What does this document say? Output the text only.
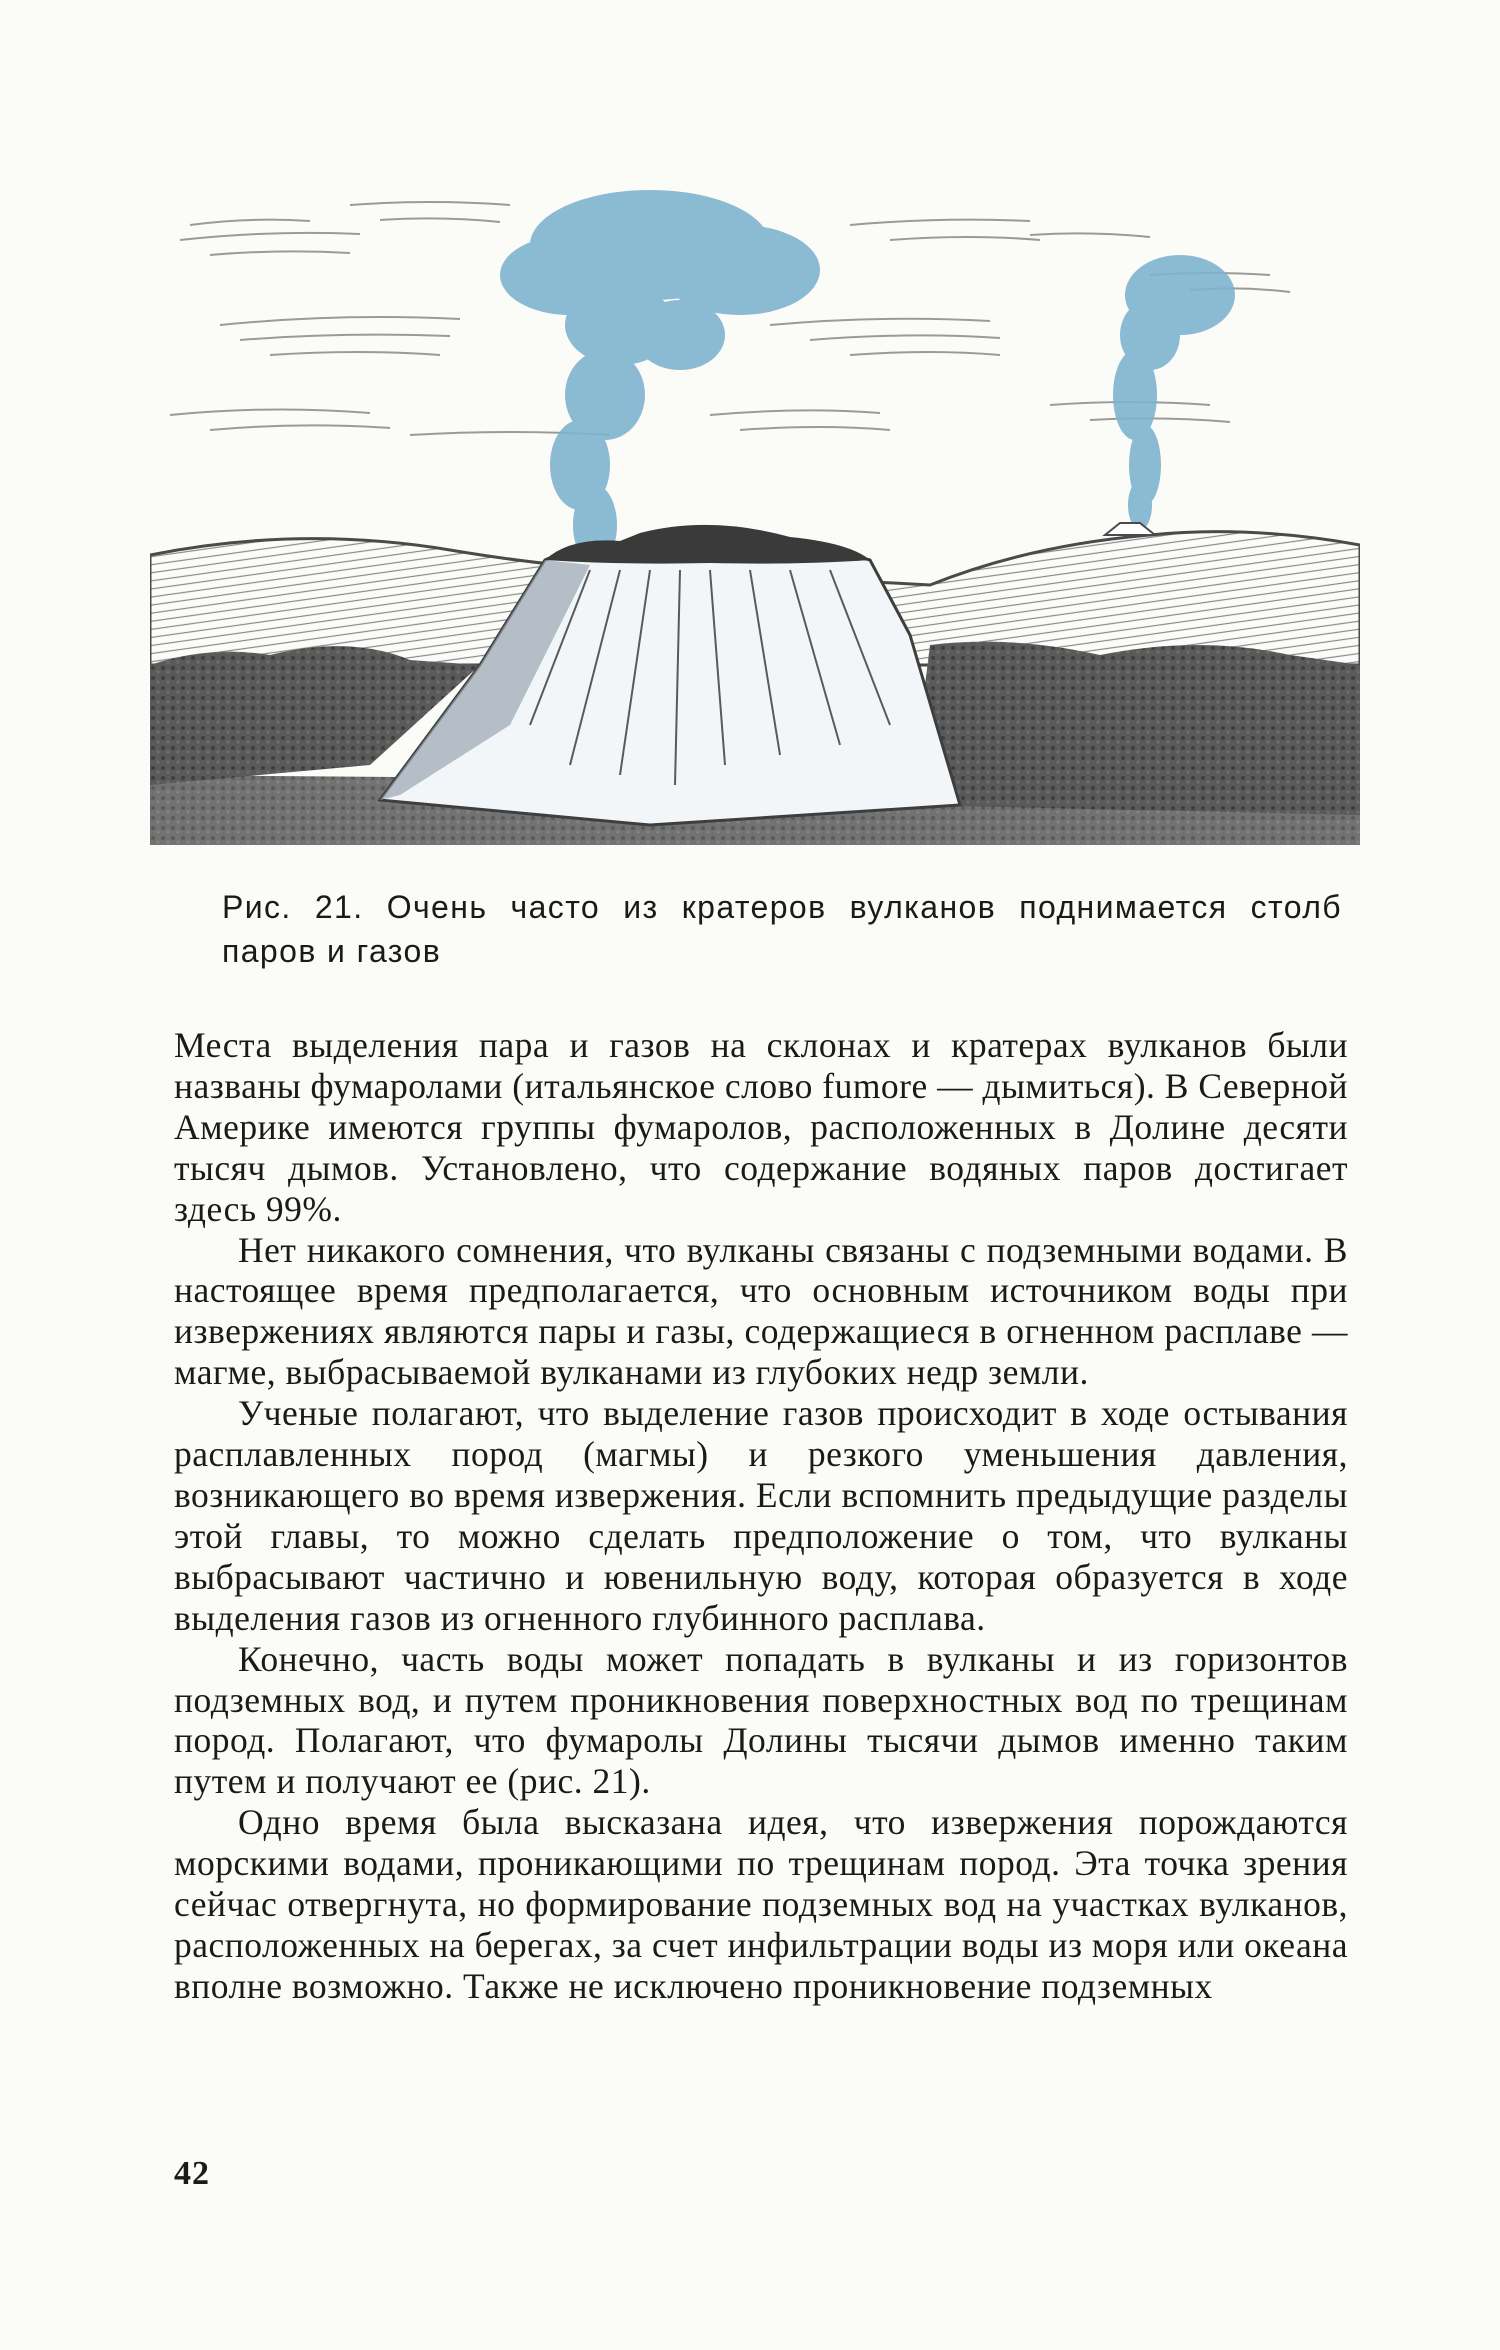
Рис. 21. Очень часто из кратеров вулканов поднимается столб паров и газов

Места выделения пара и газов на склонах и кратерах вулканов были названы фумаролами (итальянское слово fumore — дымиться). В Северной Америке имеются группы фумаролов, расположенных в Долине десяти тысяч дымов. Установлено, что содержание водяных паров достигает здесь 99%.

Нет никакого сомнения, что вулканы связаны с подземными водами. В настоящее время предполагается, что основным источником воды при извержениях являются пары и газы, содержащиеся в огненном расплаве — магме, выбрасываемой вулканами из глубоких недр земли.

Ученые полагают, что выделение газов происходит в ходе остывания расплавленных пород (магмы) и резкого уменьшения давления, возникающего во время извержения. Если вспомнить предыдущие разделы этой главы, то можно сделать предположение о том, что вулканы выбрасывают частично и ювенильную воду, которая образуется в ходе выделения газов из огненного глубинного расплава.

Конечно, часть воды может попадать в вулканы и из горизонтов подземных вод, и путем проникновения поверхностных вод по трещинам пород. Полагают, что фумаролы Долины тысячи дымов именно таким путем и получают ее (рис. 21).

Одно время была высказана идея, что извержения порождаются морскими водами, проникающими по трещинам пород. Эта точка зрения сейчас отвергнута, но формирование подземных вод на участках вулканов, расположенных на берегах, за счет инфильтрации воды из моря или океана вполне возможно. Также не исключено проникновение подземных

42
